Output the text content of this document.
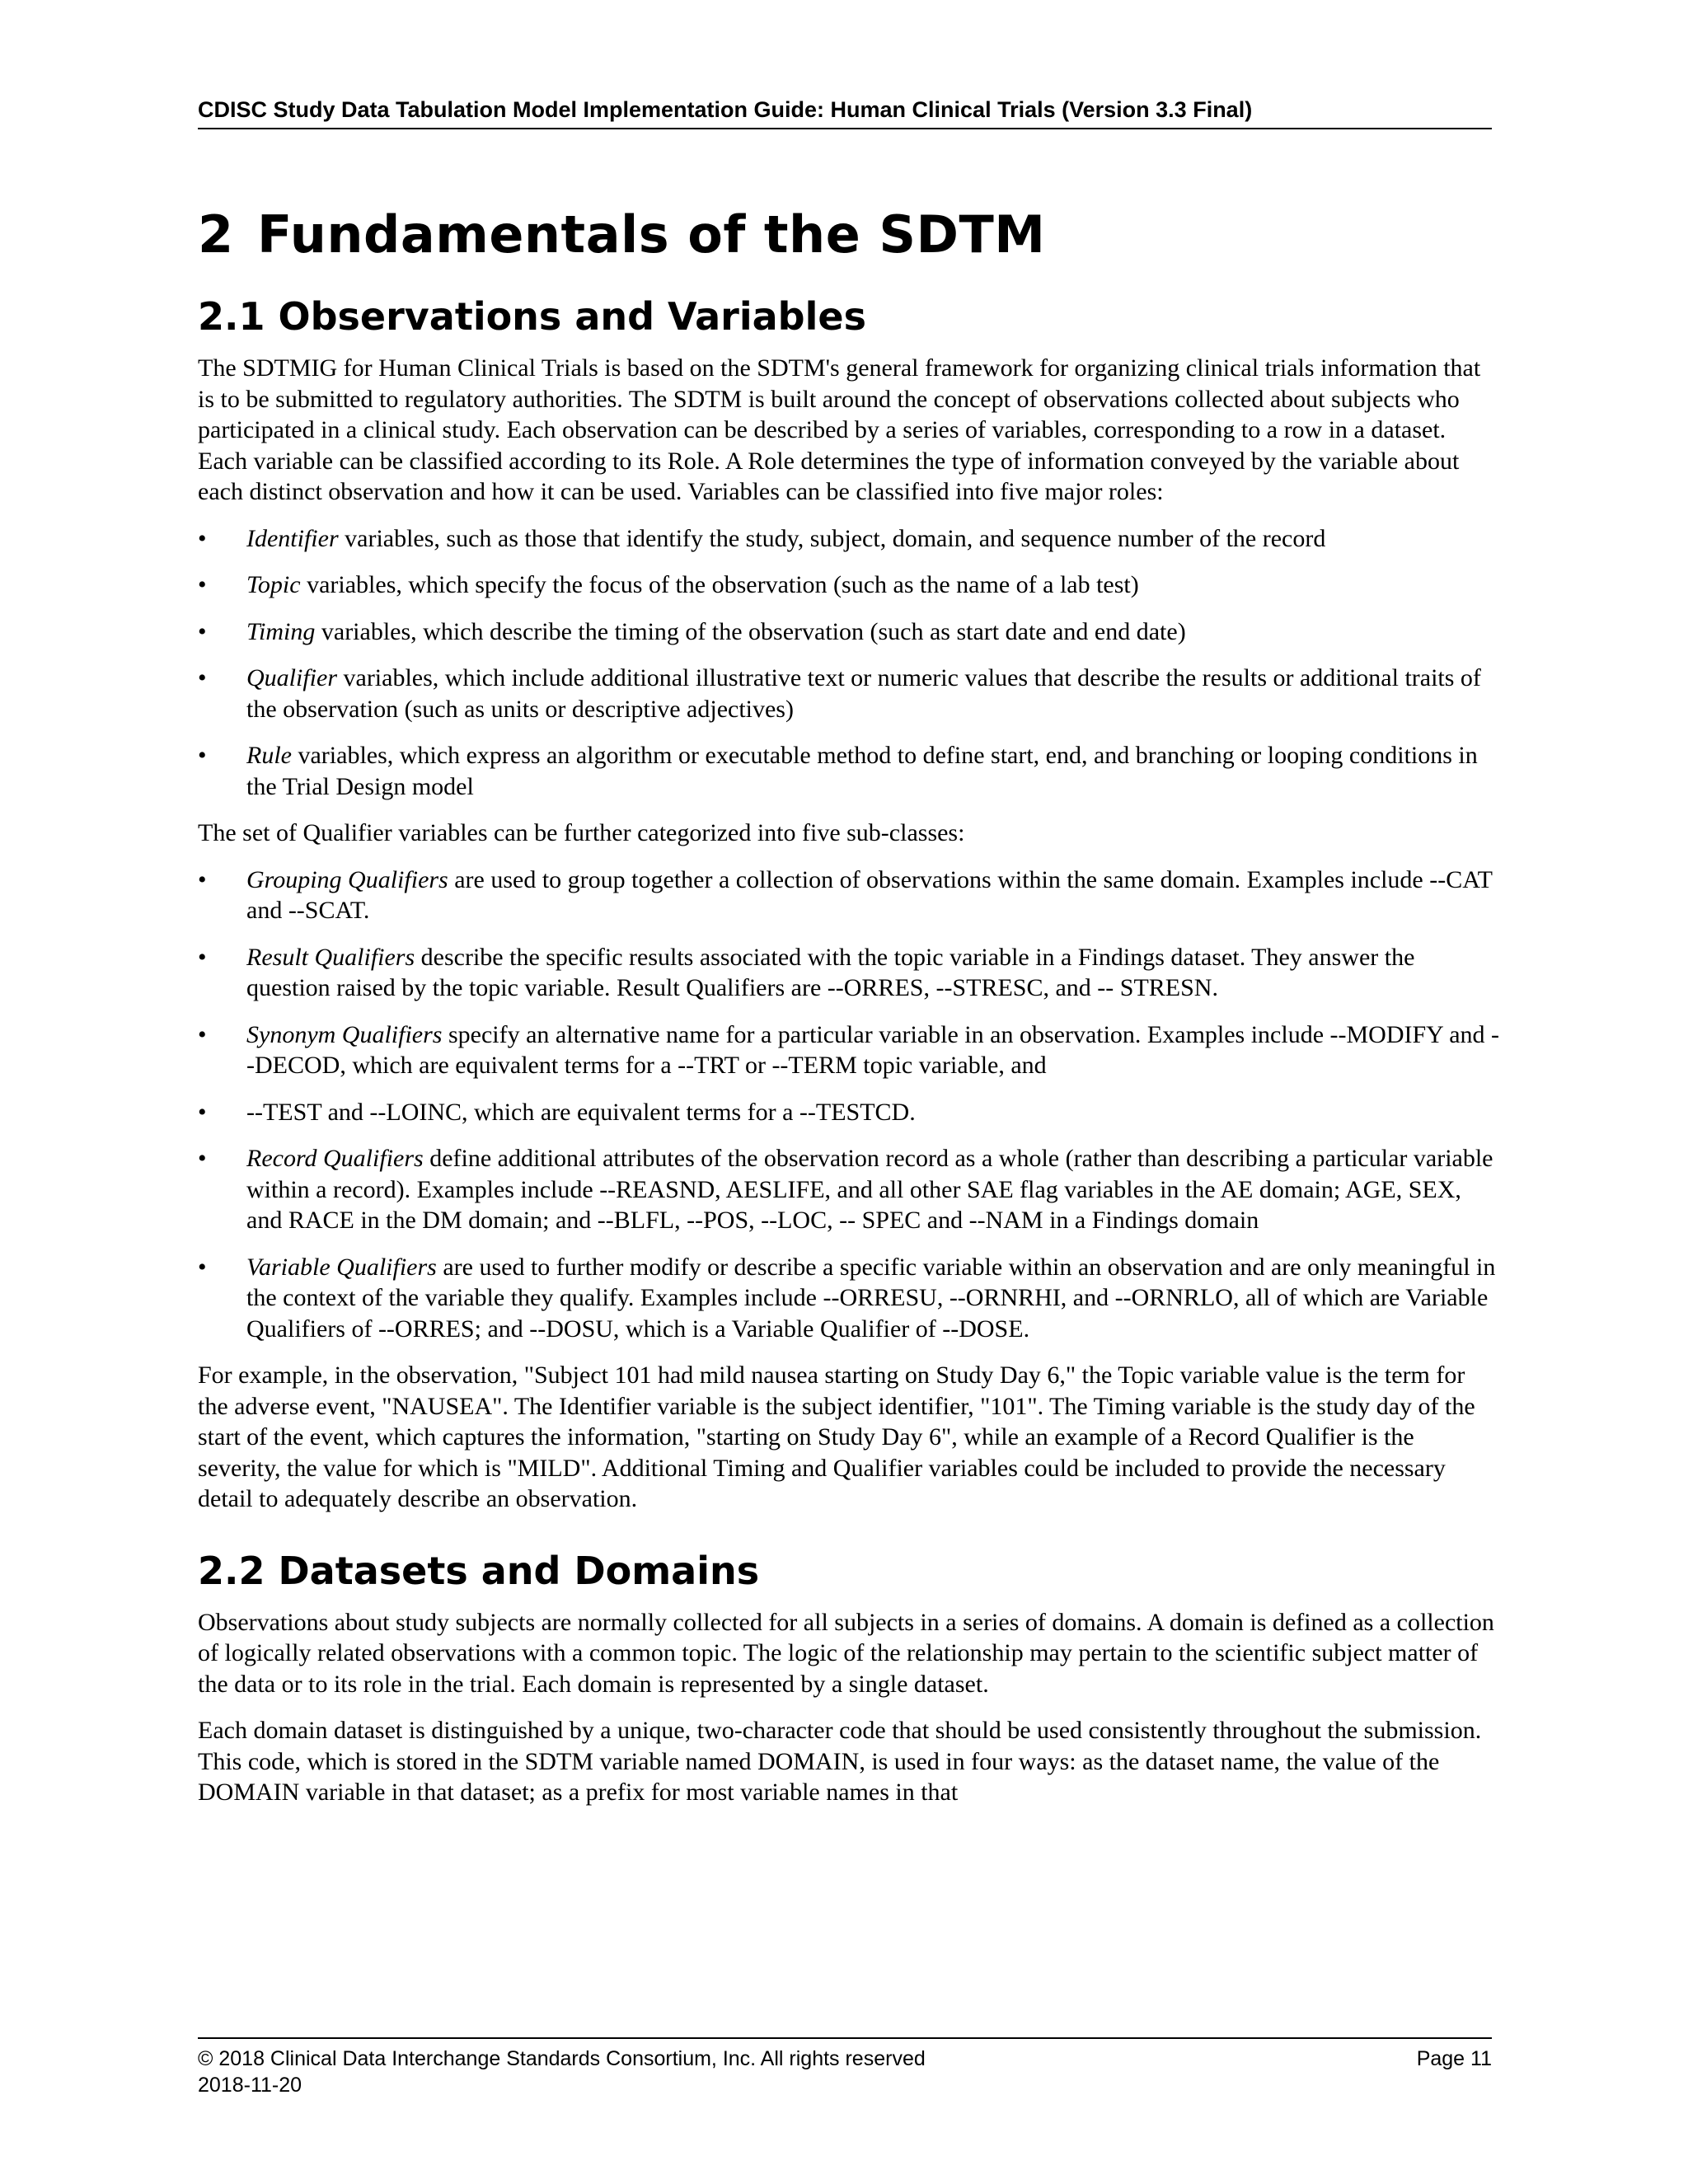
CDISC Study Data Tabulation Model Implementation Guide: Human Clinical Trials (Version 3.3 Final)
2 Fundamentals of the SDTM
2.1 Observations and Variables

The SDTMIG for Human Clinical Trials is based on the SDTM's general framework for organizing clinical trials information that is to be submitted to regulatory authorities. The SDTM is built around the concept of observations collected about subjects who participated in a clinical study. Each observation can be described by a series of variables, corresponding to a row in a dataset. Each variable can be classified according to its Role. A Role determines the type of information conveyed by the variable about each distinct observation and how it can be used. Variables can be classified into five major roles:

•	Identifier variables, such as those that identify the study, subject, domain, and sequence number of the record
•	Topic variables, which specify the focus of the observation (such as the name of a lab test)
•	Timing variables, which describe the timing of the observation (such as start date and end date)
•	Qualifier variables, which include additional illustrative text or numeric values that describe the results or additional traits of the observation (such as units or descriptive adjectives)
•	Rule variables, which express an algorithm or executable method to define start, end, and branching or looping conditions in the Trial Design model

The set of Qualifier variables can be further categorized into five sub-classes:

•	Grouping Qualifiers are used to group together a collection of observations within the same domain. Examples include --CAT and --SCAT.
•	Result Qualifiers describe the specific results associated with the topic variable in a Findings dataset. They answer the question raised by the topic variable. Result Qualifiers are --ORRES, --STRESC, and -- STRESN.
•	Synonym Qualifiers specify an alternative name for a particular variable in an observation. Examples include --MODIFY and --DECOD, which are equivalent terms for a --TRT or --TERM topic variable, and
•	--TEST and --LOINC, which are equivalent terms for a --TESTCD.
•	Record Qualifiers define additional attributes of the observation record as a whole (rather than describing a particular variable within a record). Examples include --REASND, AESLIFE, and all other SAE flag variables in the AE domain; AGE, SEX, and RACE in the DM domain; and --BLFL, --POS, --LOC, -- SPEC and --NAM in a Findings domain
•	Variable Qualifiers are used to further modify or describe a specific variable within an observation and are only meaningful in the context of the variable they qualify. Examples include --ORRESU, --ORNRHI, and --ORNRLO, all of which are Variable Qualifiers of --ORRES; and --DOSU, which is a Variable Qualifier of --DOSE.

For example, in the observation, "Subject 101 had mild nausea starting on Study Day 6," the Topic variable value is the term for the adverse event, "NAUSEA". The Identifier variable is the subject identifier, "101". The Timing variable is the study day of the start of the event, which captures the information, "starting on Study Day 6", while an example of a Record Qualifier is the severity, the value for which is "MILD". Additional Timing and Qualifier variables could be included to provide the necessary detail to adequately describe an observation.

2.2 Datasets and Domains

Observations about study subjects are normally collected for all subjects in a series of domains. A domain is defined as a collection of logically related observations with a common topic. The logic of the relationship may pertain to the scientific subject matter of the data or to its role in the trial. Each domain is represented by a single dataset.

Each domain dataset is distinguished by a unique, two-character code that should be used consistently throughout the submission. This code, which is stored in the SDTM variable named DOMAIN, is used in four ways: as the dataset name, the value of the DOMAIN variable in that dataset; as a prefix for most variable names in that

© 2018 Clinical Data Interchange Standards Consortium, Inc. All rights reserved	Page 11
2018-11-20
